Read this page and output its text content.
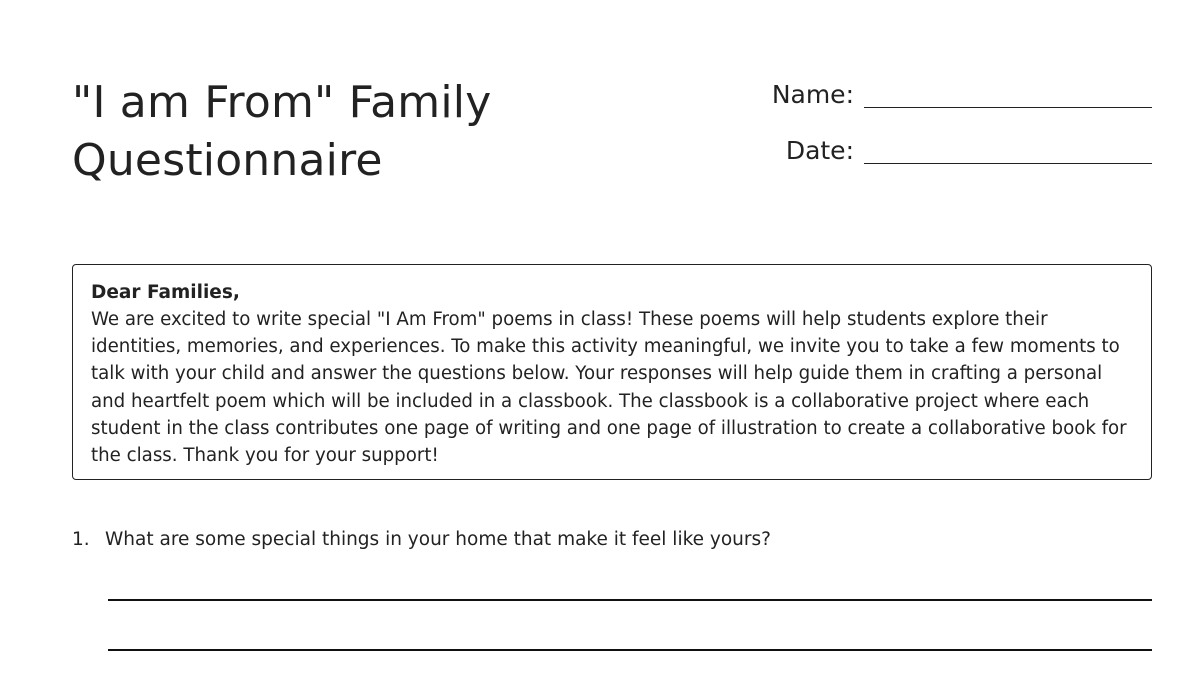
"I am From" Family Questionnaire
Name:
Date:

Dear Families,

We are excited to write special "I Am From" poems in class! These poems will help students explore their identities, memories, and experiences. To make this activity meaningful, we invite you to take a few moments to talk with your child and answer the questions below. Your responses will help guide them in crafting a personal and heartfelt poem which will be included in a classbook. The classbook is a collaborative project where each student in the class contributes one page of writing and one page of illustration to create a collaborative book for the class. Thank you for your support!

1. What are some special things in your home that make it feel like yours?
